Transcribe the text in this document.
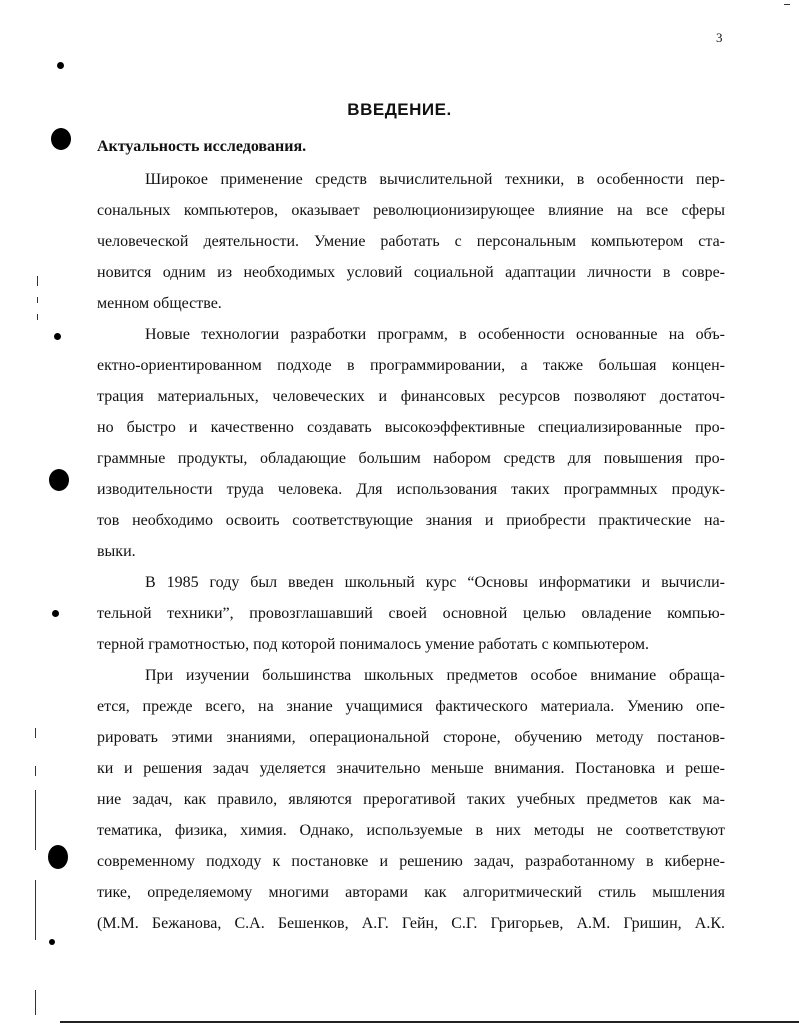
3
ВВЕДЕНИЕ.
Актуальность исследования.
Широкое применение средств вычислительной техники, в особенности пер-
сональных компьютеров, оказывает революционизирующее влияние на все сферы
человеческой деятельности. Умение работать с персональным компьютером ста-
новится одним из необходимых условий социальной адаптации личности в совре-
менном обществе.
Новые технологии разработки программ, в особенности основанные на объ-
ектно-ориентированном подходе в программировании, а также большая концен-
трация материальных, человеческих и финансовых ресурсов позволяют достаточ-
но быстро и качественно создавать высокоэффективные специализированные про-
граммные продукты, обладающие большим набором средств для повышения про-
изводительности труда человека. Для использования таких программных продук-
тов необходимо освоить соответствующие знания и приобрести практические на-
выки.
В 1985 году был введен школьный курс “Основы информатики и вычисли-
тельной техники”, провозглашавший своей основной целью овладение компью-
терной грамотностью, под которой понималось умение работать с компьютером.
При изучении большинства школьных предметов особое внимание обраща-
ется, прежде всего, на знание учащимися фактического материала. Умению опе-
рировать этими знаниями, операциональной стороне, обучению методу постанов-
ки и решения задач уделяется значительно меньше внимания. Постановка и реше-
ние задач, как правило, являются прерогативой таких учебных предметов как ма-
тематика, физика, химия. Однако, используемые в них методы не соответствуют
современному подходу к постановке и решению задач, разработанному в киберне-
тике, определяемому многими авторами как алгоритмический стиль мышления
(М.М. Бежанова, С.А. Бешенков, А.Г. Гейн, С.Г. Григорьев, А.М. Гришин, А.К.
